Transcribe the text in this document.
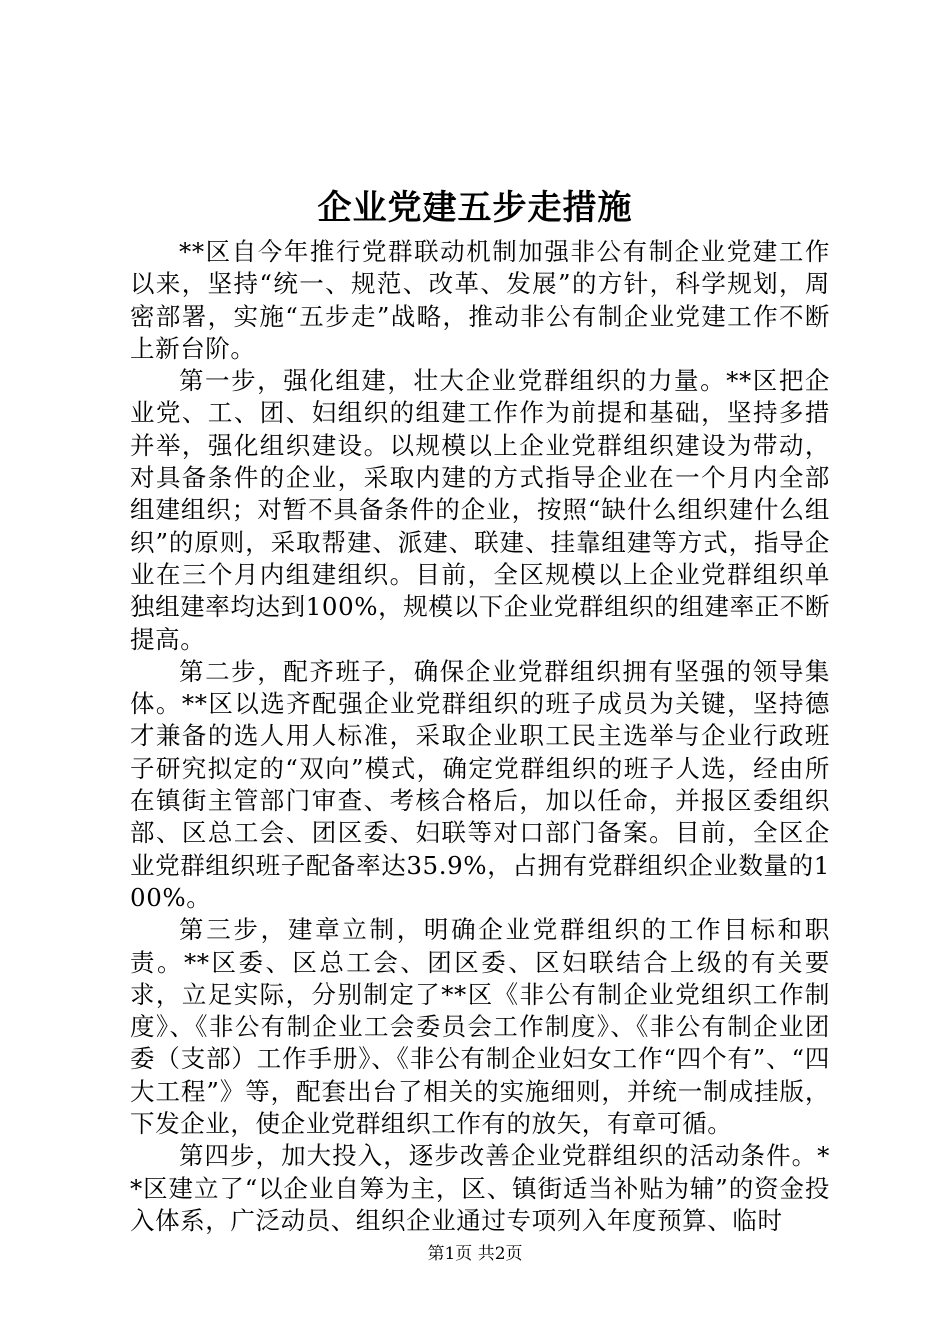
企业党建五步走措施

**区自今年推行党群联动机制加强非公有制企业党建工作以来，坚持“统一、规范、改革、发展”的方针，科学规划，周密部署，实施“五步走”战略，推动非公有制企业党建工作不断上新台阶。

第一步，强化组建，壮大企业党群组织的力量。**区把企业党、工、团、妇组织的组建工作作为前提和基础，坚持多措并举，强化组织建设。以规模以上企业党群组织建设为带动，对具备条件的企业，采取内建的方式指导企业在一个月内全部组建组织；对暂不具备条件的企业，按照“缺什么组织建什么组织”的原则，采取帮建、派建、联建、挂靠组建等方式，指导企业在三个月内组建组织。目前，全区规模以上企业党群组织单独组建率均达到100%，规模以下企业党群组织的组建率正不断提高。

第二步，配齐班子，确保企业党群组织拥有坚强的领导集体。**区以选齐配强企业党群组织的班子成员为关键，坚持德才兼备的选人用人标准，采取企业职工民主选举与企业行政班子研究拟定的“双向”模式，确定党群组织的班子人选，经由所在镇街主管部门审查、考核合格后，加以任命，并报区委组织部、区总工会、团区委、妇联等对口部门备案。目前，全区企业党群组织班子配备率达35.9%，占拥有党群组织企业数量的100%。

第三步，建章立制，明确企业党群组织的工作目标和职责。**区委、区总工会、团区委、区妇联结合上级的有关要求，立足实际，分别制定了**区《非公有制企业党组织工作制度》、《非公有制企业工会委员会工作制度》、《非公有制企业团委（支部）工作手册》、《非公有制企业妇女工作“四个有”、“四大工程”》等，配套出台了相关的实施细则，并统一制成挂版，下发企业，使企业党群组织工作有的放矢，有章可循。

第四步，加大投入，逐步改善企业党群组织的活动条件。**区建立了“以企业自筹为主，区、镇街适当补贴为辅”的资金投入体系，广泛动员、组织企业通过专项列入年度预算、临时

第1页 共2页
